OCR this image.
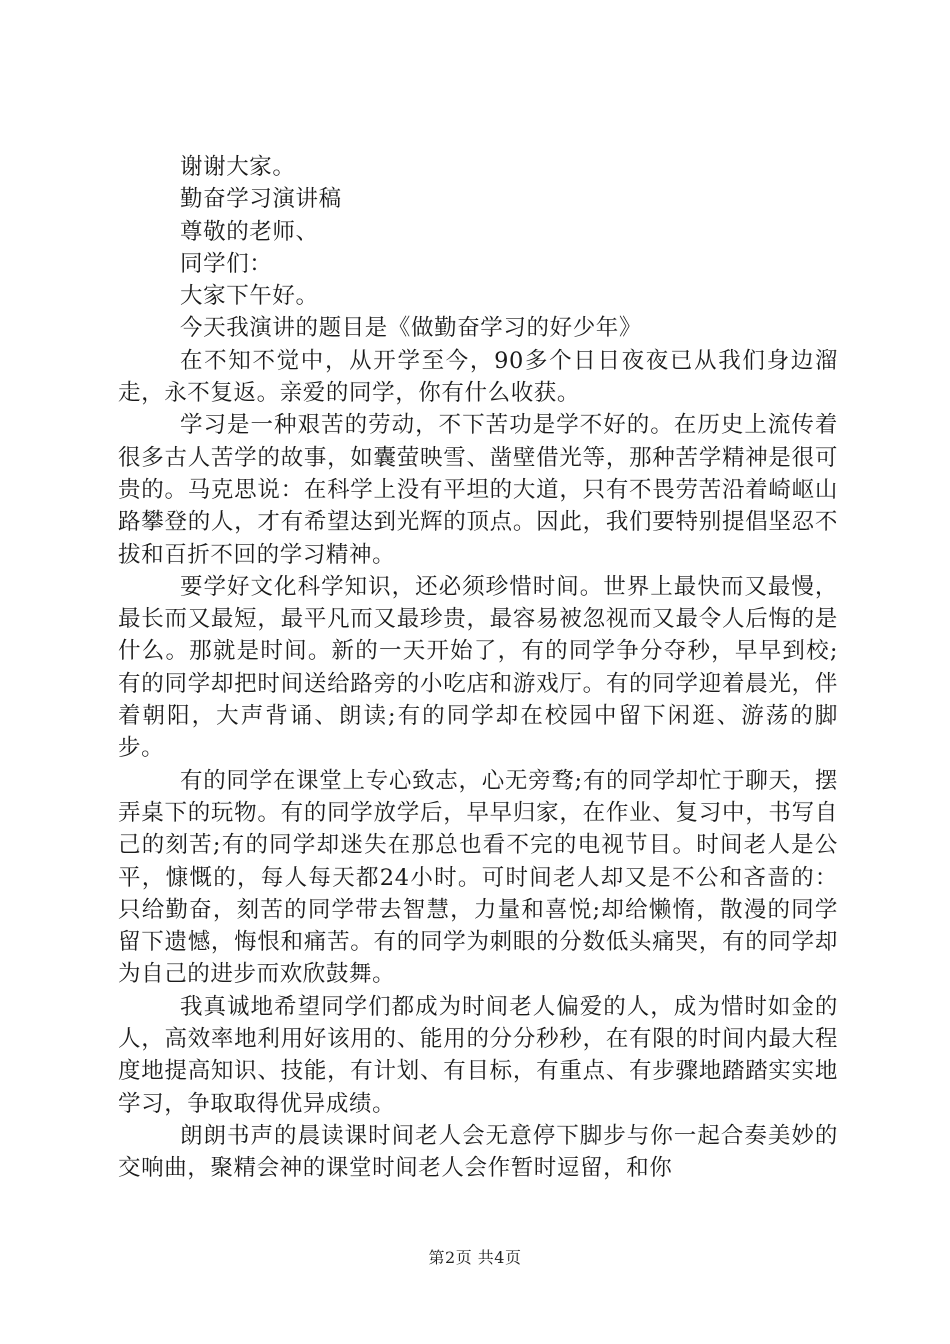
谢谢大家。

勤奋学习演讲稿

尊敬的老师、

同学们：

大家下午好。

今天我演讲的题目是《做勤奋学习的好少年》

在不知不觉中，从开学至今，90多个日日夜夜已从我们身边溜走，永不复返。亲爱的同学，你有什么收获。

学习是一种艰苦的劳动，不下苦功是学不好的。在历史上流传着很多古人苦学的故事，如囊萤映雪、凿壁借光等，那种苦学精神是很可贵的。马克思说：在科学上没有平坦的大道，只有不畏劳苦沿着崎岖山路攀登的人，才有希望达到光辉的顶点。因此，我们要特别提倡坚忍不拔和百折不回的学习精神。

要学好文化科学知识，还必须珍惜时间。世界上最快而又最慢，最长而又最短，最平凡而又最珍贵，最容易被忽视而又最令人后悔的是什么。那就是时间。新的一天开始了，有的同学争分夺秒，早早到校;有的同学却把时间送给路旁的小吃店和游戏厅。有的同学迎着晨光，伴着朝阳，大声背诵、朗读;有的同学却在校园中留下闲逛、游荡的脚步。

有的同学在课堂上专心致志，心无旁骛;有的同学却忙于聊天，摆弄桌下的玩物。有的同学放学后，早早归家，在作业、复习中，书写自己的刻苦;有的同学却迷失在那总也看不完的电视节目。时间老人是公平，慷慨的，每人每天都24小时。可时间老人却又是不公和吝啬的：只给勤奋，刻苦的同学带去智慧，力量和喜悦;却给懒惰，散漫的同学留下遗憾，悔恨和痛苦。有的同学为刺眼的分数低头痛哭，有的同学却为自己的进步而欢欣鼓舞。

我真诚地希望同学们都成为时间老人偏爱的人，成为惜时如金的人，高效率地利用好该用的、能用的分分秒秒，在有限的时间内最大程度地提高知识、技能，有计划、有目标，有重点、有步骤地踏踏实实地学习，争取取得优异成绩。

朗朗书声的晨读课时间老人会无意停下脚步与你一起合奏美妙的交响曲，聚精会神的课堂时间老人会作暂时逗留，和你

第2页 共4页
